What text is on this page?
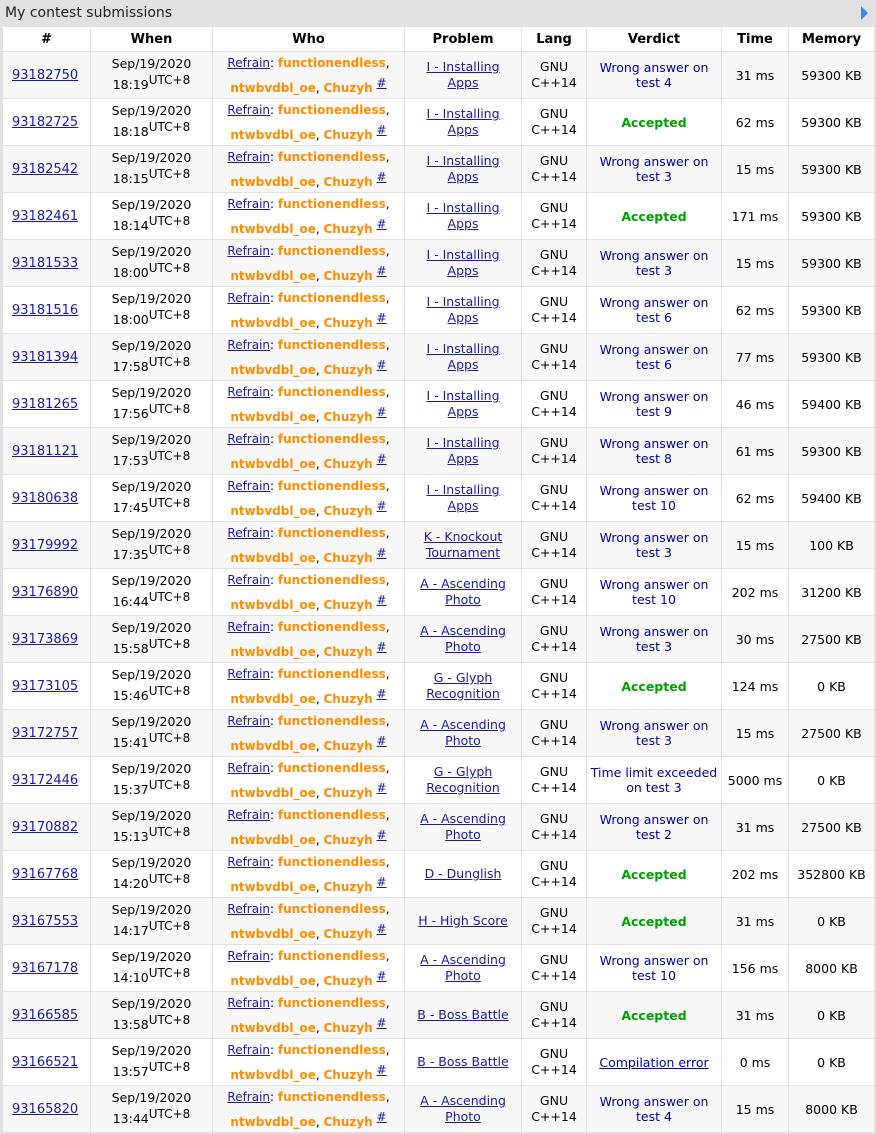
My contest submissions
#	When	Who	Problem	Lang	Verdict	Time	Memory
93182750	Sep/19/2020
18:19UTC+8	Refrain: functionendless,
ntwbvdbl_oe, Chuzyh #	I - Installing
Apps	GNU
C++14	Wrong answer on
test 4	31 ms	59300 KB
93182725	Sep/19/2020
18:18UTC+8	Refrain: functionendless,
ntwbvdbl_oe, Chuzyh #	I - Installing
Apps	GNU
C++14	Accepted	62 ms	59300 KB
93182542	Sep/19/2020
18:15UTC+8	Refrain: functionendless,
ntwbvdbl_oe, Chuzyh #	I - Installing
Apps	GNU
C++14	Wrong answer on
test 3	15 ms	59300 KB
93182461	Sep/19/2020
18:14UTC+8	Refrain: functionendless,
ntwbvdbl_oe, Chuzyh #	I - Installing
Apps	GNU
C++14	Accepted	171 ms	59300 KB
93181533	Sep/19/2020
18:00UTC+8	Refrain: functionendless,
ntwbvdbl_oe, Chuzyh #	I - Installing
Apps	GNU
C++14	Wrong answer on
test 3	15 ms	59300 KB
93181516	Sep/19/2020
18:00UTC+8	Refrain: functionendless,
ntwbvdbl_oe, Chuzyh #	I - Installing
Apps	GNU
C++14	Wrong answer on
test 6	62 ms	59300 KB
93181394	Sep/19/2020
17:58UTC+8	Refrain: functionendless,
ntwbvdbl_oe, Chuzyh #	I - Installing
Apps	GNU
C++14	Wrong answer on
test 6	77 ms	59300 KB
93181265	Sep/19/2020
17:56UTC+8	Refrain: functionendless,
ntwbvdbl_oe, Chuzyh #	I - Installing
Apps	GNU
C++14	Wrong answer on
test 9	46 ms	59400 KB
93181121	Sep/19/2020
17:53UTC+8	Refrain: functionendless,
ntwbvdbl_oe, Chuzyh #	I - Installing
Apps	GNU
C++14	Wrong answer on
test 8	61 ms	59300 KB
93180638	Sep/19/2020
17:45UTC+8	Refrain: functionendless,
ntwbvdbl_oe, Chuzyh #	I - Installing
Apps	GNU
C++14	Wrong answer on
test 10	62 ms	59400 KB
93179992	Sep/19/2020
17:35UTC+8	Refrain: functionendless,
ntwbvdbl_oe, Chuzyh #	K - Knockout
Tournament	GNU
C++14	Wrong answer on
test 3	15 ms	100 KB
93176890	Sep/19/2020
16:44UTC+8	Refrain: functionendless,
ntwbvdbl_oe, Chuzyh #	A - Ascending
Photo	GNU
C++14	Wrong answer on
test 10	202 ms	31200 KB
93173869	Sep/19/2020
15:58UTC+8	Refrain: functionendless,
ntwbvdbl_oe, Chuzyh #	A - Ascending
Photo	GNU
C++14	Wrong answer on
test 3	30 ms	27500 KB
93173105	Sep/19/2020
15:46UTC+8	Refrain: functionendless,
ntwbvdbl_oe, Chuzyh #	G - Glyph
Recognition	GNU
C++14	Accepted	124 ms	0 KB
93172757	Sep/19/2020
15:41UTC+8	Refrain: functionendless,
ntwbvdbl_oe, Chuzyh #	A - Ascending
Photo	GNU
C++14	Wrong answer on
test 3	15 ms	27500 KB
93172446	Sep/19/2020
15:37UTC+8	Refrain: functionendless,
ntwbvdbl_oe, Chuzyh #	G - Glyph
Recognition	GNU
C++14	Time limit exceeded
on test 3	5000 ms	0 KB
93170882	Sep/19/2020
15:13UTC+8	Refrain: functionendless,
ntwbvdbl_oe, Chuzyh #	A - Ascending
Photo	GNU
C++14	Wrong answer on
test 2	31 ms	27500 KB
93167768	Sep/19/2020
14:20UTC+8	Refrain: functionendless,
ntwbvdbl_oe, Chuzyh #	D - Dunglish	GNU
C++14	Accepted	202 ms	352800 KB
93167553	Sep/19/2020
14:17UTC+8	Refrain: functionendless,
ntwbvdbl_oe, Chuzyh #	H - High Score	GNU
C++14	Accepted	31 ms	0 KB
93167178	Sep/19/2020
14:10UTC+8	Refrain: functionendless,
ntwbvdbl_oe, Chuzyh #	A - Ascending
Photo	GNU
C++14	Wrong answer on
test 10	156 ms	8000 KB
93166585	Sep/19/2020
13:58UTC+8	Refrain: functionendless,
ntwbvdbl_oe, Chuzyh #	B - Boss Battle	GNU
C++14	Accepted	31 ms	0 KB
93166521	Sep/19/2020
13:57UTC+8	Refrain: functionendless,
ntwbvdbl_oe, Chuzyh #	B - Boss Battle	GNU
C++14	Compilation error	0 ms	0 KB
93165820	Sep/19/2020
13:44UTC+8	Refrain: functionendless,
ntwbvdbl_oe, Chuzyh #	A - Ascending
Photo	GNU
C++14	Wrong answer on
test 4	15 ms	8000 KB
